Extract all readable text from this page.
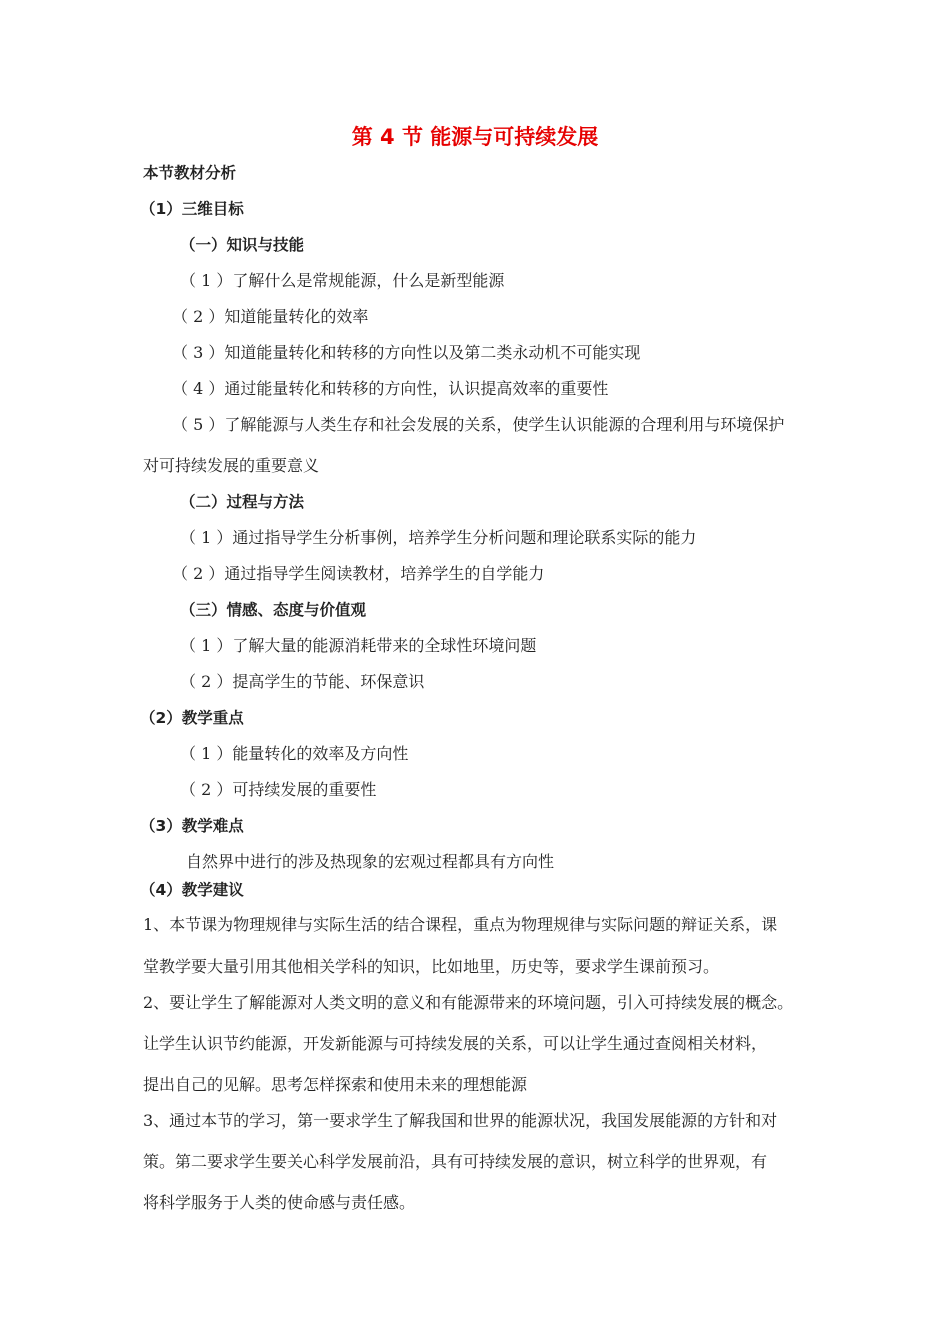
第 4 节 能源与可持续发展
本节教材分析
（1）三维目标
（一）知识与技能
（ 1 ）了解什么是常规能源，什么是新型能源
（ 2 ）知道能量转化的效率
（ 3 ）知道能量转化和转移的方向性以及第二类永动机不可能实现
（ 4 ）通过能量转化和转移的方向性，认识提高效率的重要性
（ 5 ）了解能源与人类生存和社会发展的关系，使学生认识能源的合理利用与环境保护
对可持续发展的重要意义
（二）过程与方法
（ 1 ）通过指导学生分析事例，培养学生分析问题和理论联系实际的能力
（ 2 ）通过指导学生阅读教材，培养学生的自学能力
（三）情感、态度与价值观
（ 1 ）了解大量的能源消耗带来的全球性环境问题
（ 2 ）提高学生的节能、环保意识
（2）教学重点
（ 1 ）能量转化的效率及方向性
（ 2 ）可持续发展的重要性
（3）教学难点
自然界中进行的涉及热现象的宏观过程都具有方向性
（4）教学建议
1、本节课为物理规律与实际生活的结合课程，重点为物理规律与实际问题的辩证关系，课
堂教学要大量引用其他相关学科的知识，比如地里，历史等，要求学生课前预习。
2、要让学生了解能源对人类文明的意义和有能源带来的环境问题，引入可持续发展的概念。
让学生认识节约能源，开发新能源与可持续发展的关系，可以让学生通过查阅相关材料，
提出自己的见解。思考怎样探索和使用未来的理想能源
3、通过本节的学习，第一要求学生了解我国和世界的能源状况，我国发展能源的方针和对
策。第二要求学生要关心科学发展前沿，具有可持续发展的意识，树立科学的世界观，有
将科学服务于人类的使命感与责任感。
